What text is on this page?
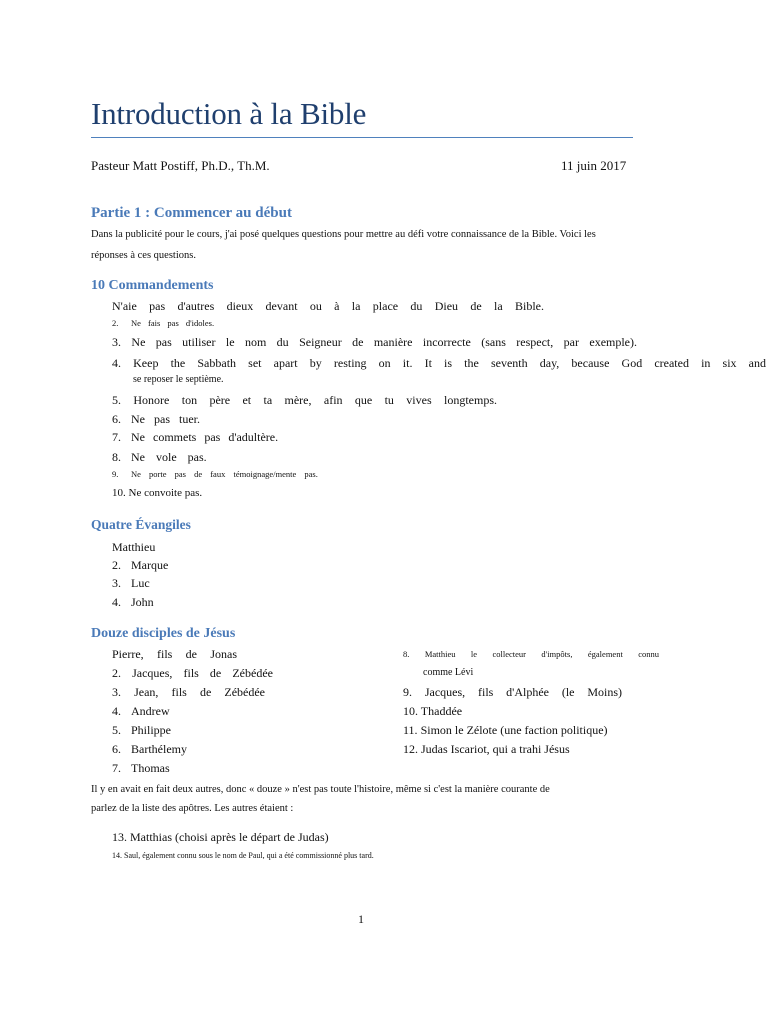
Introduction à la Bible
Pasteur Matt Postiff, Ph.D., Th.M.	11 juin 2017
Partie 1 : Commencer au début
Dans la publicité pour le cours, j'ai posé quelques questions pour mettre au défi votre connaissance de la Bible. Voici les
réponses à ces questions.
10 Commandements
N'aie pas d'autres dieux devant ou à la place du Dieu de la Bible.
2. Ne fais pas d'idoles.
3. Ne pas utiliser le nom du Seigneur de manière incorrecte (sans respect, par exemple).
4. Keep the Sabbath set apart by resting on it. It is the seventh day, because God created in six and
se reposer le septième.
5. Honore ton père et ta mère, afin que tu vives longtemps.
6. Ne pas tuer.
7. Ne commets pas d'adultère.
8. Ne vole pas.
9. Ne porte pas de faux témoignage/mente pas.
10. Ne convoite pas.
Quatre Évangiles
Matthieu
2. Marque
3. Luc
4. John
Douze disciples de Jésus
Pierre, fils de Jonas
2. Jacques, fils de Zébédée
3. Jean, fils de Zébédée
4. Andrew
5. Philippe
6. Barthélemy
7. Thomas
8. Matthieu le collecteur d'impôts, également connu
comme Lévi
9. Jacques, fils d'Alphée (le Moins)
10. Thaddée
11. Simon le Zélote (une faction politique)
12. Judas Iscariot, qui a trahi Jésus
Il y en avait en fait deux autres, donc « douze » n'est pas toute l'histoire, même si c'est la manière courante de
parlez de la liste des apôtres. Les autres étaient :
13. Matthias (choisi après le départ de Judas)
14. Saul, également connu sous le nom de Paul, qui a été commissionné plus tard.
1
